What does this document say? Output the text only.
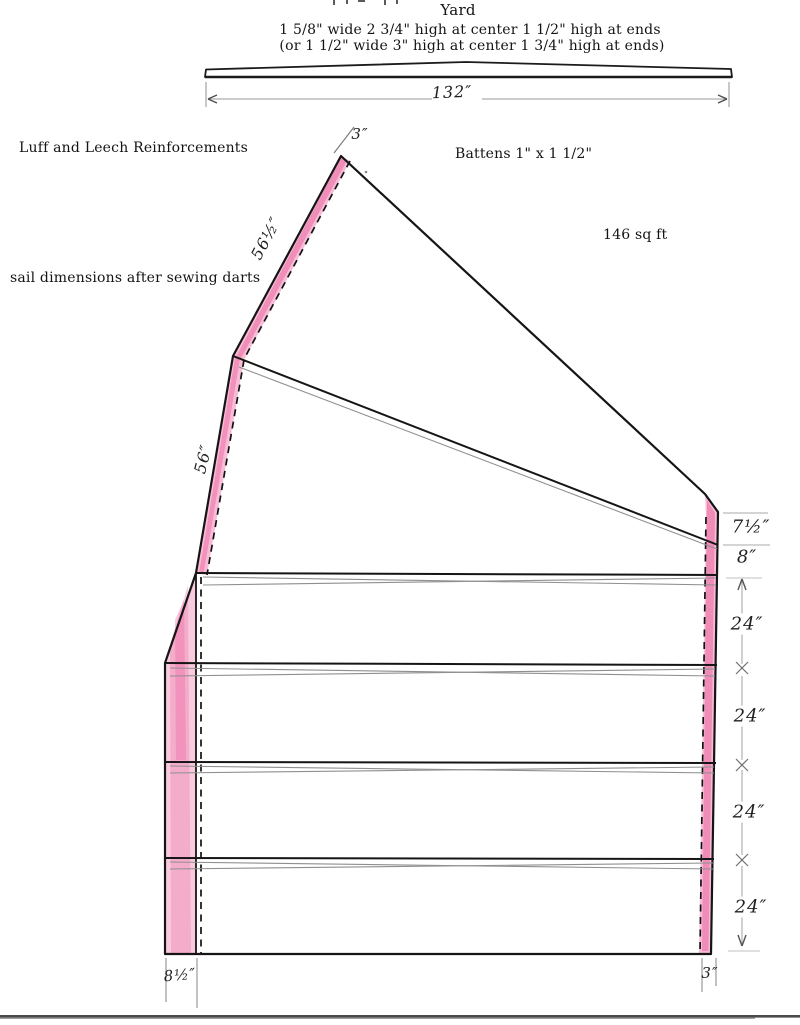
Yard
1 5/8" wide 2 3/4" high at center 1 1/2" high at ends
(or 1 1/2" wide 3" high at center 1 3/4" high at ends)
Luff and Leech Reinforcements	Battens 1" x 1 1/2"
146 sq ft
sail dimensions after sewing darts
132″
3″
56½″
56″
7½″
8″
24″
24″
24″
24″
8½″	3″
